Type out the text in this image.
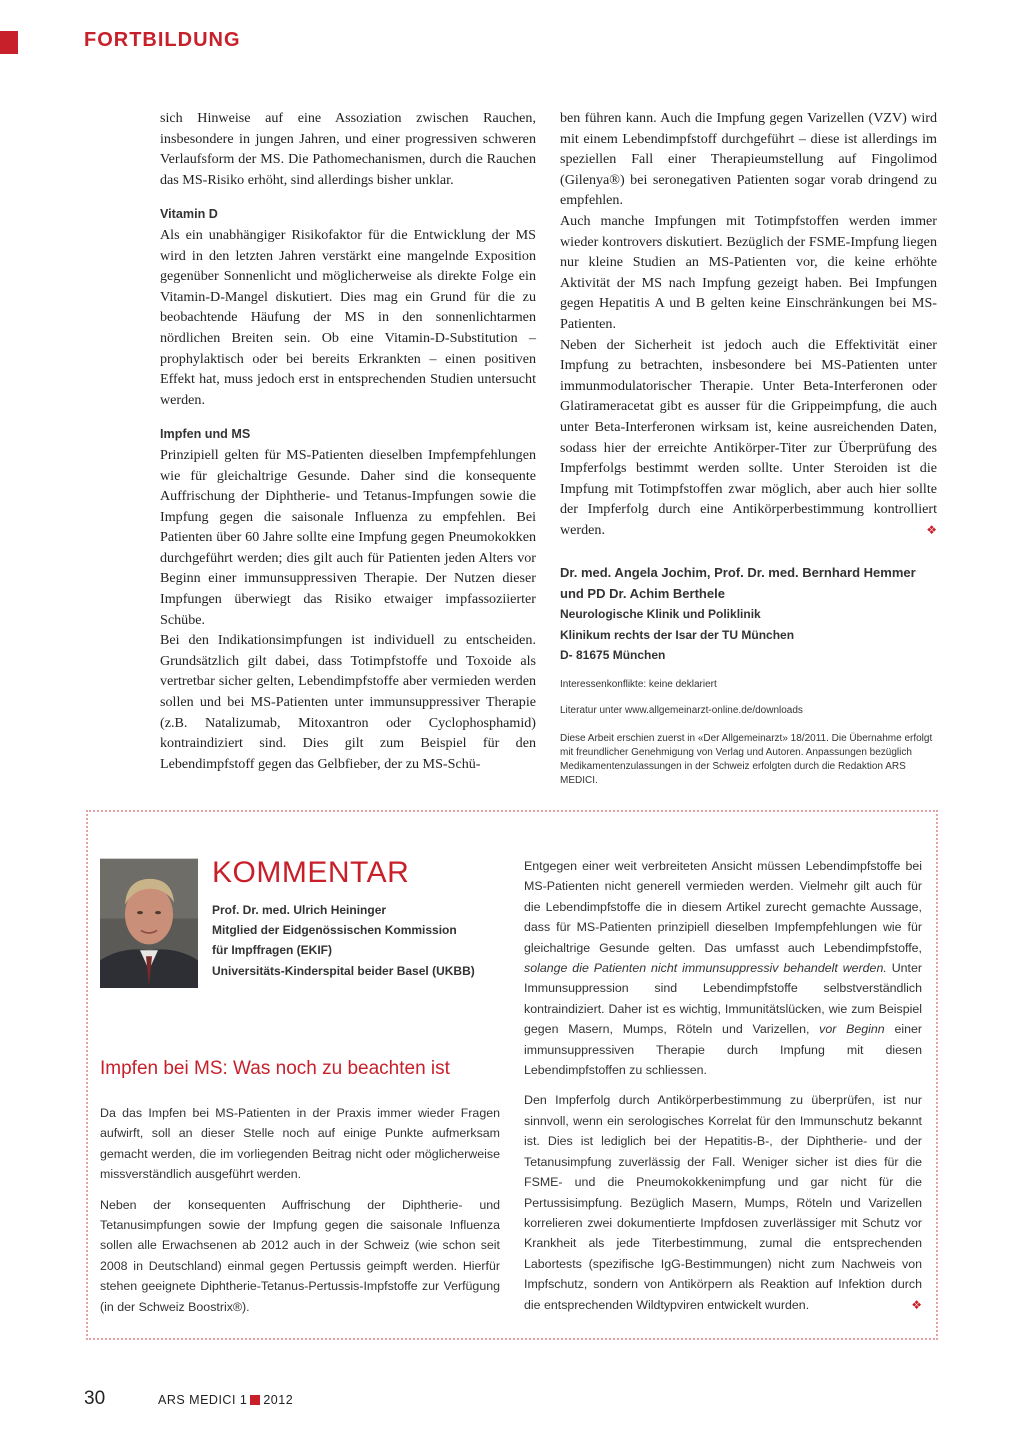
FORTBILDUNG

sich Hinweise auf eine Assoziation zwischen Rauchen, insbesondere in jungen Jahren, und einer progressiven schweren Verlaufsform der MS. Die Pathomechanismen, durch die Rauchen das MS-Risiko erhöht, sind allerdings bisher unklar.

Vitamin D

Als ein unabhängiger Risikofaktor für die Entwicklung der MS wird in den letzten Jahren verstärkt eine mangelnde Exposition gegenüber Sonnenlicht und möglicherweise als direkte Folge ein Vitamin-D-Mangel diskutiert. Dies mag ein Grund für die zu beobachtende Häufung der MS in den sonnenlichtarmen nördlichen Breiten sein. Ob eine Vitamin-D-Substitution – prophylaktisch oder bei bereits Erkrankten – einen positiven Effekt hat, muss jedoch erst in entsprechenden Studien untersucht werden.

Impfen und MS

Prinzipiell gelten für MS-Patienten dieselben Impfempfehlungen wie für gleichaltrige Gesunde. Daher sind die konsequente Auffrischung der Diphtherie- und Tetanus-Impfungen sowie die Impfung gegen die saisonale Influenza zu empfehlen. Bei Patienten über 60 Jahre sollte eine Impfung gegen Pneumokokken durchgeführt werden; dies gilt auch für Patienten jeden Alters vor Beginn einer immunsuppressiven Therapie. Der Nutzen dieser Impfungen überwiegt das Risiko etwaiger impfassoziierter Schübe.

Bei den Indikationsimpfungen ist individuell zu entscheiden. Grundsätzlich gilt dabei, dass Totimpfstoffe und Toxoide als vertretbar sicher gelten, Lebendimpfstoffe aber vermieden werden sollen und bei MS-Patienten unter immunsuppressiver Therapie (z.B. Natalizumab, Mitoxantron oder Cyclophosphamid) kontraindiziert sind. Dies gilt zum Beispiel für den Lebendimpfstoff gegen das Gelbfieber, der zu MS-Schü-

ben führen kann. Auch die Impfung gegen Varizellen (VZV) wird mit einem Lebendimpfstoff durchgeführt – diese ist allerdings im speziellen Fall einer Therapieumstellung auf Fingolimod (Gilenya®) bei seronegativen Patienten sogar vorab dringend zu empfehlen.

Auch manche Impfungen mit Totimpfstoffen werden immer wieder kontrovers diskutiert. Bezüglich der FSME-Impfung liegen nur kleine Studien an MS-Patienten vor, die keine erhöhte Aktivität der MS nach Impfung gezeigt haben. Bei Impfungen gegen Hepatitis A und B gelten keine Einschränkungen bei MS-Patienten.

Neben der Sicherheit ist jedoch auch die Effektivität einer Impfung zu betrachten, insbesondere bei MS-Patienten unter immunmodulatorischer Therapie. Unter Beta-Interferonen oder Glatirameracetat gibt es ausser für die Grippeimpfung, die auch unter Beta-Interferonen wirksam ist, keine ausreichenden Daten, sodass hier der erreichte Antikörper-Titer zur Überprüfung des Impferfolgs bestimmt werden sollte. Unter Steroiden ist die Impfung mit Totimpfstoffen zwar möglich, aber auch hier sollte der Impferfolg durch eine Antikörperbestimmung kontrolliert werden.	❖

Dr. med. Angela Jochim, Prof. Dr. med. Bernhard Hemmer und PD Dr. Achim Berthele
Neurologische Klinik und Poliklinik
Klinikum rechts der Isar der TU München
D- 81675 München
Interessenkonflikte: keine deklariert
Literatur unter www.allgemeinarzt-online.de/downloads
Diese Arbeit erschien zuerst in «Der Allgemeinarzt» 18/2011. Die Übernahme erfolgt mit freundlicher Genehmigung von Verlag und Autoren. Anpassungen bezüglich Medikamentenzulassungen in der Schweiz erfolgten durch die Redaktion ARS MEDICI.
KOMMENTAR
Prof. Dr. med. Ulrich Heininger
Mitglied der Eidgenössischen Kommission
für Impffragen (EKIF)
Universitäts-Kinderspital beider Basel (UKBB)
Impfen bei MS: Was noch zu beachten ist

Da das Impfen bei MS-Patienten in der Praxis immer wieder Fragen aufwirft, soll an dieser Stelle noch auf einige Punkte aufmerksam gemacht werden, die im vorliegenden Beitrag nicht oder möglicherweise missverständlich ausgeführt werden.

Neben der konsequenten Auffrischung der Diphtherie- und Tetanusimpfungen sowie der Impfung gegen die saisonale Influenza sollen alle Erwachsenen ab 2012 auch in der Schweiz (wie schon seit 2008 in Deutschland) einmal gegen Pertussis geimpft werden. Hierfür stehen geeignete Diphtherie-Tetanus-Pertussis-Impfstoffe zur Verfügung (in der Schweiz Boostrix®).

Entgegen einer weit verbreiteten Ansicht müssen Lebendimpfstoffe bei MS-Patienten nicht generell vermieden werden. Vielmehr gilt auch für die Lebendimpfstoffe die in diesem Artikel zurecht gemachte Aussage, dass für MS-Patienten prinzipiell dieselben Impfempfehlungen wie für gleichaltrige Gesunde gelten. Das umfasst auch Lebendimpfstoffe, solange die Patienten nicht immunsuppressiv behandelt werden. Unter Immunsuppression sind Lebendimpfstoffe selbstverständlich kontraindiziert. Daher ist es wichtig, Immunitätslücken, wie zum Beispiel gegen Masern, Mumps, Röteln und Varizellen, vor Beginn einer immunsuppressiven Therapie durch Impfung mit diesen Lebendimpfstoffen zu schliessen.

Den Impferfolg durch Antikörperbestimmung zu überprüfen, ist nur sinnvoll, wenn ein serologisches Korrelat für den Immunschutz bekannt ist. Dies ist lediglich bei der Hepatitis-B-, der Diphtherie- und der Tetanusimpfung zuverlässig der Fall. Weniger sicher ist dies für die FSME- und die Pneumokokkenimpfung und gar nicht für die Pertussisimpfung. Bezüglich Masern, Mumps, Röteln und Varizellen korrelieren zwei dokumentierte Impfdosen zuverlässiger mit Schutz vor Krankheit als jede Titerbestimmung, zumal die entsprechenden Labortests (spezifische IgG-Bestimmungen) nicht zum Nachweis von Impfschutz, sondern von Antikörpern als Reaktion auf Infektion durch die entsprechenden Wildtypviren entwickelt wurden.	❖

30	ARS MEDICI 1 2012
